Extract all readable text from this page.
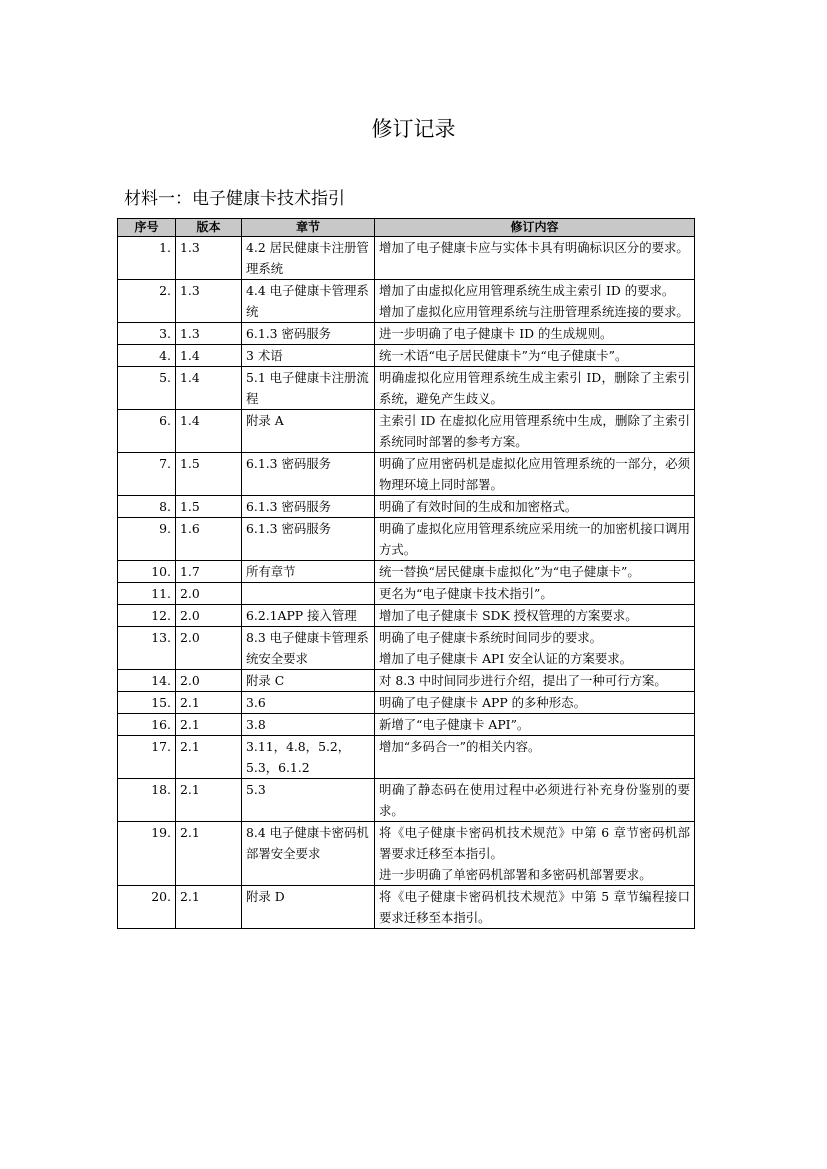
修订记录
材料一：电子健康卡技术指引
序号	版本	章节	修订内容
1.	1.3	4.2 居民健康卡注册管理系统	增加了电子健康卡应与实体卡具有明确标识区分的要求。

2.	1.3	4.4 电子健康卡管理系统	增加了由虚拟化应用管理系统生成主索引 ID 的要求。

增加了虚拟化应用管理系统与注册管理系统连接的要求。

3.	1.3	6.1.3 密码服务	进一步明确了电子健康卡 ID 的生成规则。

4.	1.4	3 术语	统一术语“电子居民健康卡”为“电子健康卡”。

5.	1.4	5.1 电子健康卡注册流程	明确虚拟化应用管理系统生成主索引 ID，删除了主索引系统，避免产生歧义。

6.	1.4	附录 A	主索引 ID 在虚拟化应用管理系统中生成，删除了主索引系统同时部署的参考方案。

7.	1.5	6.1.3 密码服务	明确了应用密码机是虚拟化应用管理系统的一部分，必须物理环境上同时部署。

8.	1.5	6.1.3 密码服务	明确了有效时间的生成和加密格式。

9.	1.6	6.1.3 密码服务	明确了虚拟化应用管理系统应采用统一的加密机接口调用方式。

10.	1.7	所有章节	统一替换“居民健康卡虚拟化”为“电子健康卡”。

11.	2.0		更名为“电子健康卡技术指引”。

12.	2.0	6.2.1APP 接入管理	增加了电子健康卡 SDK 授权管理的方案要求。

13.	2.0	8.3 电子健康卡管理系统安全要求	明确了电子健康卡系统时间同步的要求。

增加了电子健康卡 API 安全认证的方案要求。

14.	2.0	附录 C	对 8.3 中时间同步进行介绍，提出了一种可行方案。

15.	2.1	3.6	明确了电子健康卡 APP 的多种形态。

16.	2.1	3.8	新增了“电子健康卡 API”。

17.	2.1	3.11，4.8，5.2，5.3，6.1.2	增加“多码合一”的相关内容。

18.	2.1	5.3	明确了静态码在使用过程中必须进行补充身份鉴别的要求。

19.	2.1	8.4 电子健康卡密码机部署安全要求	将《电子健康卡密码机技术规范》中第 6 章节密码机部署要求迁移至本指引。

进一步明确了单密码机部署和多密码机部署要求。

20.	2.1	附录 D	将《电子健康卡密码机技术规范》中第 5 章节编程接口要求迁移至本指引。
